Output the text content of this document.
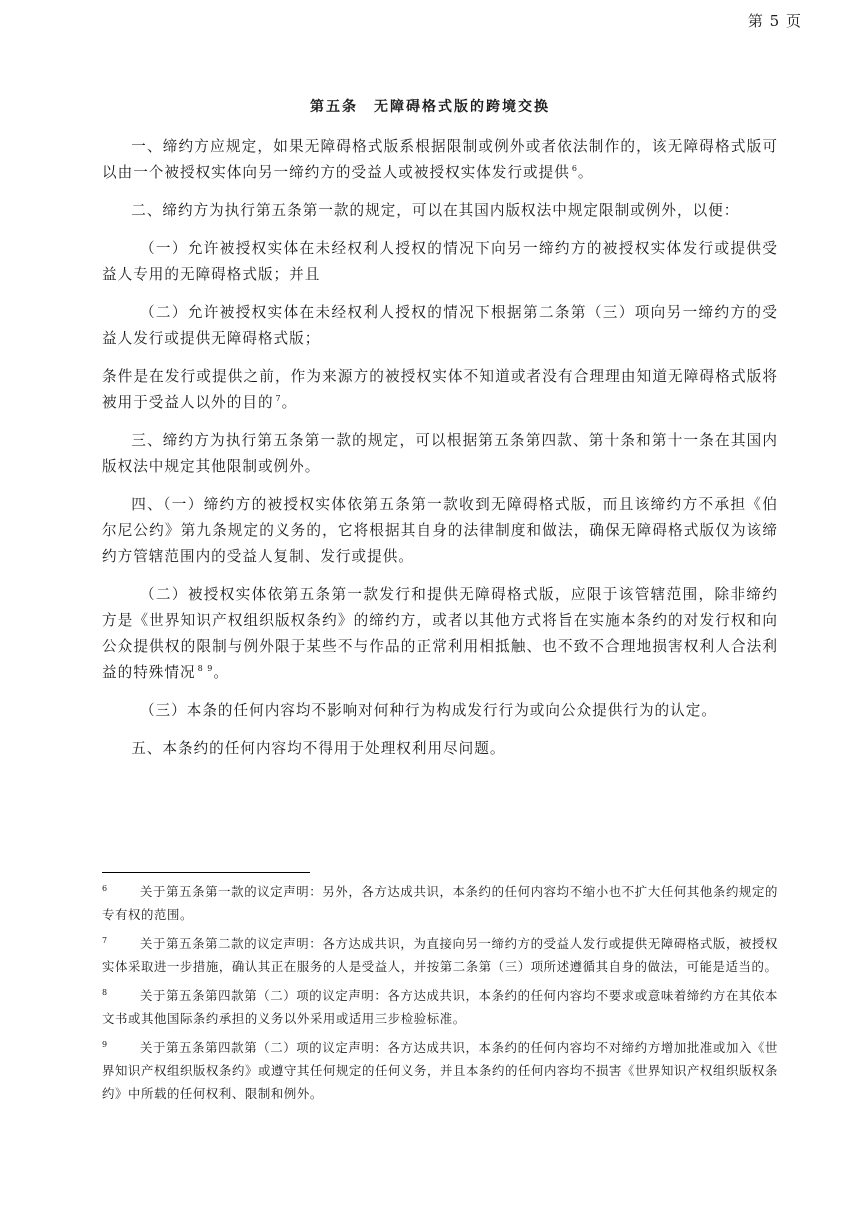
第 5 页
第五条　无障碍格式版的跨境交换

一、缔约方应规定，如果无障碍格式版系根据限制或例外或者依法制作的，该无障碍格式版可以由一个被授权实体向另一缔约方的受益人或被授权实体发行或提供 $^6$。

二、缔约方为执行第五条第一款的规定，可以在其国内版权法中规定限制或例外，以便：

（一）允许被授权实体在未经权利人授权的情况下向另一缔约方的被授权实体发行或提供受益人专用的无障碍格式版；并且

（二）允许被授权实体在未经权利人授权的情况下根据第二条第（三）项向另一缔约方的受益人发行或提供无障碍格式版；

条件是在发行或提供之前，作为来源方的被授权实体不知道或者没有合理理由知道无障碍格式版将被用于受益人以外的目的 $^7$。

三、缔约方为执行第五条第一款的规定，可以根据第五条第四款、第十条和第十一条在其国内版权法中规定其他限制或例外。

四、（一）缔约方的被授权实体依第五条第一款收到无障碍格式版，而且该缔约方不承担《伯尔尼公约》第九条规定的义务的，它将根据其自身的法律制度和做法，确保无障碍格式版仅为该缔约方管辖范围内的受益人复制、发行或提供。

（二）被授权实体依第五条第一款发行和提供无障碍格式版，应限于该管辖范围，除非缔约方是《世界知识产权组织版权条约》的缔约方，或者以其他方式将旨在实施本条约的对发行权和向公众提供权的限制与例外限于某些不与作品的正常利用相抵触、也不致不合理地损害权利人合法利益的特殊情况 $^{8 9}$。

（三）本条的任何内容均不影响对何种行为构成发行行为或向公众提供行为的认定。

五、本条约的任何内容均不得用于处理权利用尽问题。

6	关于第五条第一款的议定声明：另外，各方达成共识，本条约的任何内容均不缩小也不扩大任何其他条约规定的专有权的范围。

7	关于第五条第二款的议定声明：各方达成共识，为直接向另一缔约方的受益人发行或提供无障碍格式版，被授权实体采取进一步措施，确认其正在服务的人是受益人，并按第二条第（三）项所述遵循其自身的做法，可能是适当的。

8	关于第五条第四款第（二）项的议定声明：各方达成共识，本条约的任何内容均不要求或意味着缔约方在其依本文书或其他国际条约承担的义务以外采用或适用三步检验标准。

9	关于第五条第四款第（二）项的议定声明：各方达成共识，本条约的任何内容均不对缔约方增加批准或加入《世界知识产权组织版权条约》或遵守其任何规定的任何义务，并且本条约的任何内容均不损害《世界知识产权组织版权条约》中所载的任何权利、限制和例外。
